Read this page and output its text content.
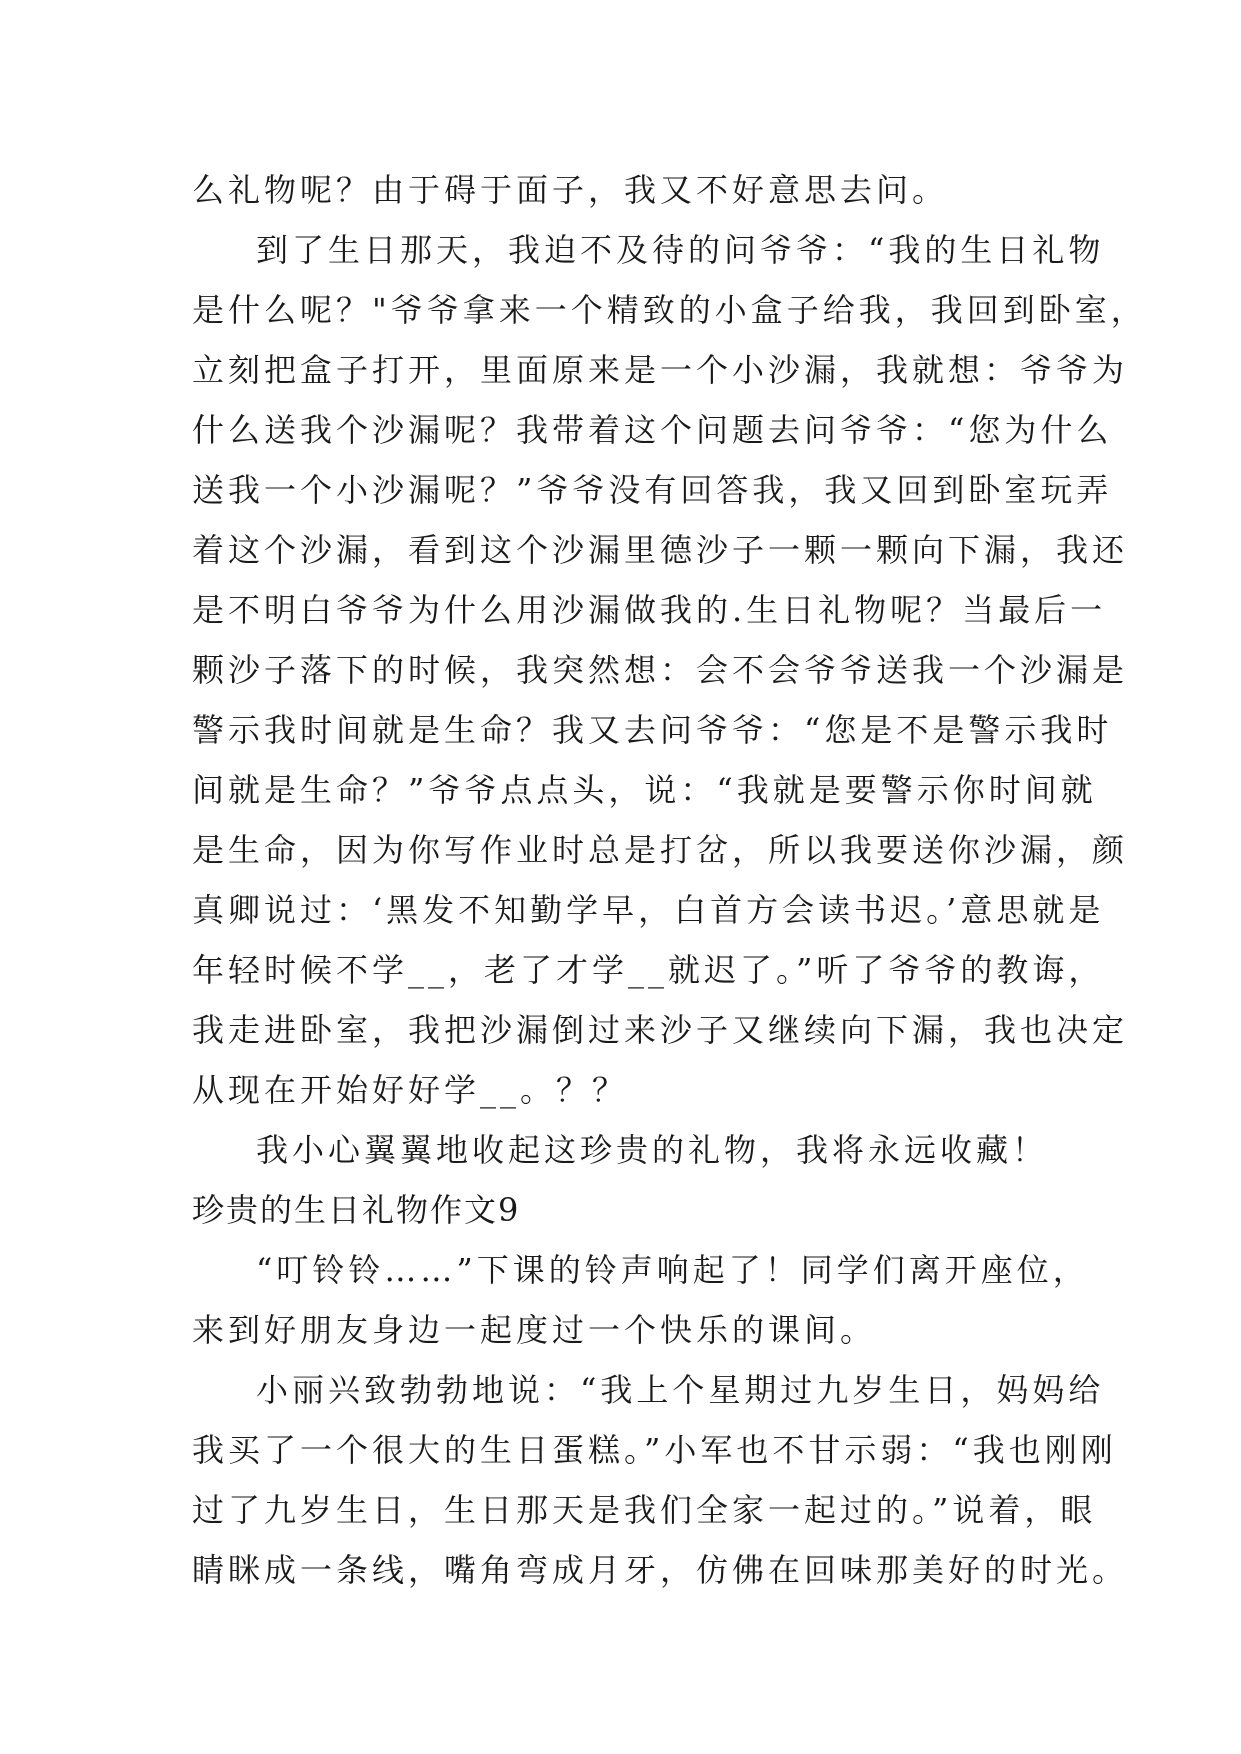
么礼物呢？由于碍于面子，我又不好意思去问。
到了生日那天，我迫不及待的问爷爷：“我的生日礼物
是什么呢？"爷爷拿来一个精致的小盒子给我，我回到卧室，
立刻把盒子打开，里面原来是一个小沙漏，我就想：爷爷为
什么送我个沙漏呢？我带着这个问题去问爷爷：“您为什么
送我一个小沙漏呢？”爷爷没有回答我，我又回到卧室玩弄
着这个沙漏，看到这个沙漏里德沙子一颗一颗向下漏，我还
是不明白爷爷为什么用沙漏做我的.生日礼物呢？当最后一
颗沙子落下的时候，我突然想：会不会爷爷送我一个沙漏是
警示我时间就是生命？我又去问爷爷：“您是不是警示我时
间就是生命？”爷爷点点头，说：“我就是要警示你时间就
是生命，因为你写作业时总是打岔，所以我要送你沙漏，颜
真卿说过：‘黑发不知勤学早，白首方会读书迟。’意思就是
年轻时候不学__，老了才学__就迟了。”听了爷爷的教诲，
我走进卧室，我把沙漏倒过来沙子又继续向下漏，我也决定
从现在开始好好学__。？？
我小心翼翼地收起这珍贵的礼物，我将永远收藏！
珍贵的生日礼物作文9
“叮铃铃……”下课的铃声响起了！同学们离开座位，
来到好朋友身边一起度过一个快乐的课间。
小丽兴致勃勃地说：“我上个星期过九岁生日，妈妈给
我买了一个很大的生日蛋糕。”小军也不甘示弱：“我也刚刚
过了九岁生日，生日那天是我们全家一起过的。”说着，眼
睛眯成一条线，嘴角弯成月牙，仿佛在回味那美好的时光。
